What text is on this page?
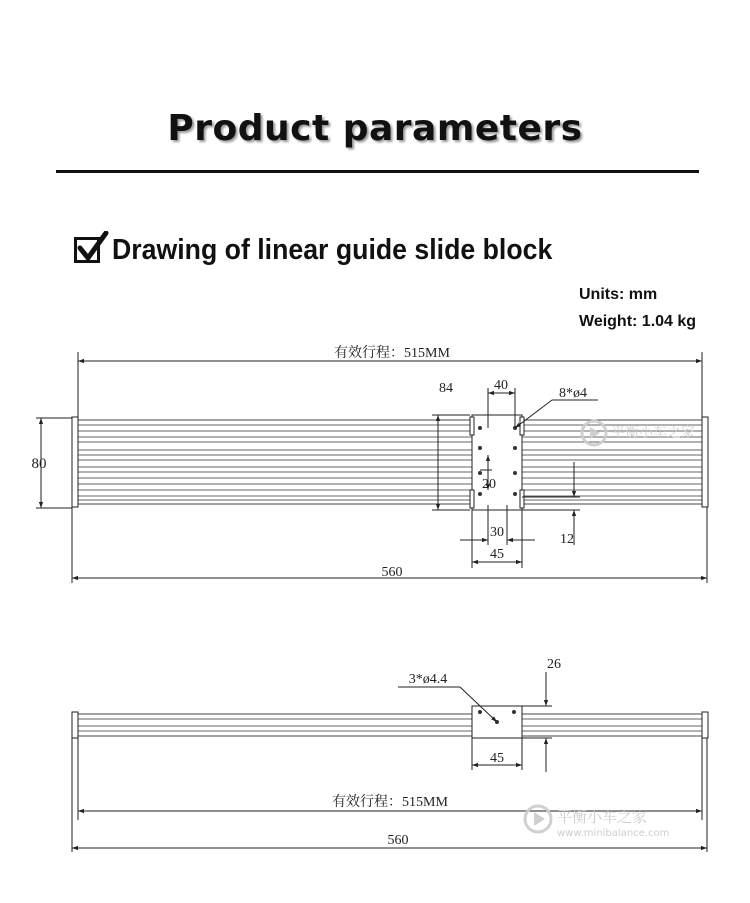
Product parameters
Drawing of linear guide slide block
Units: mm
Weight: 1.04 kg
有效行程：515MM
560
80
84	40
8*ø4
20
30
45
12
3*ø4.4
26
45
有效行程：515MM
560
平衡小车之家
平衡小车之家
www.minibalance.com
